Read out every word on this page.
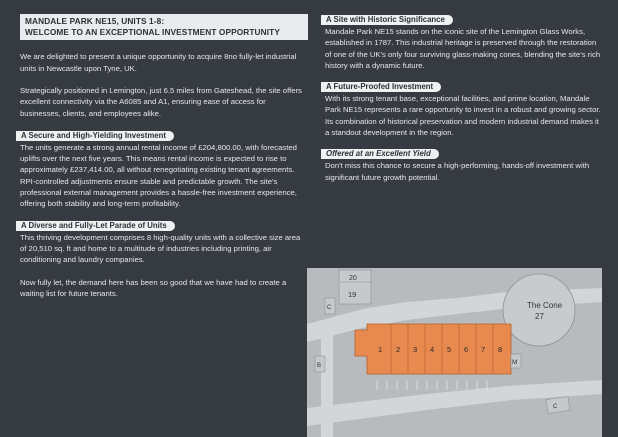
MANDALE PARK NE15, UNITS 1-8:
WELCOME TO AN EXCEPTIONAL INVESTMENT OPPORTUNITY

We are delighted to present a unique opportunity to acquire 8no fully-let industrial units in Newcastle upon Tyne, UK.

Strategically positioned in Lemington, just 6.5 miles from Gateshead, the site offers excellent connectivity via the A6085 and A1, ensuring ease of access for businesses, clients, and employees alike.

A Secure and High-Yielding Investment

The units generate a strong annual rental income of £204,800.00, with forecasted uplifts over the next five years. This means rental income is expected to rise to approximately £237,414.00, all without renegotiating existing tenant agreements. RPI-controlled adjustments ensure stable and predictable growth. The site's professional external management provides a hassle-free investment experience, offering both stability and long-term profitability.

A Diverse and Fully-Let Parade of Units

This thriving development comprises 8 high-quality units with a collective size area of 20,510 sq. ft and home to a multitude of industries including printing, air conditioning and laundry companies.

Now fully let, the demand here has been so good that we have had to create a waiting list for future tenants.

A Site with Historic Significance

Mandale Park NE15 stands on the iconic site of the Lemington Glass Works, established in 1787. This industrial heritage is preserved through the restoration of one of the UK's only four surviving glass-making cones, blending the site's rich history with a dynamic future.

A Future-Proofed Investment

With its strong tenant base, exceptional facilities, and prime location, Mandale Park NE15 represents a rare opportunity to invest in a robust and growing sector. Its combination of historical preservation and modern industrial demand makes it a standout development in the region.

Offered at an Excellent Yield

Don't miss this chance to secure a high-performing, hands-off investment with significant future growth potential.

20
19
C	The Cone
27
1 2 3 4 5 6 7 8
M
B
C
